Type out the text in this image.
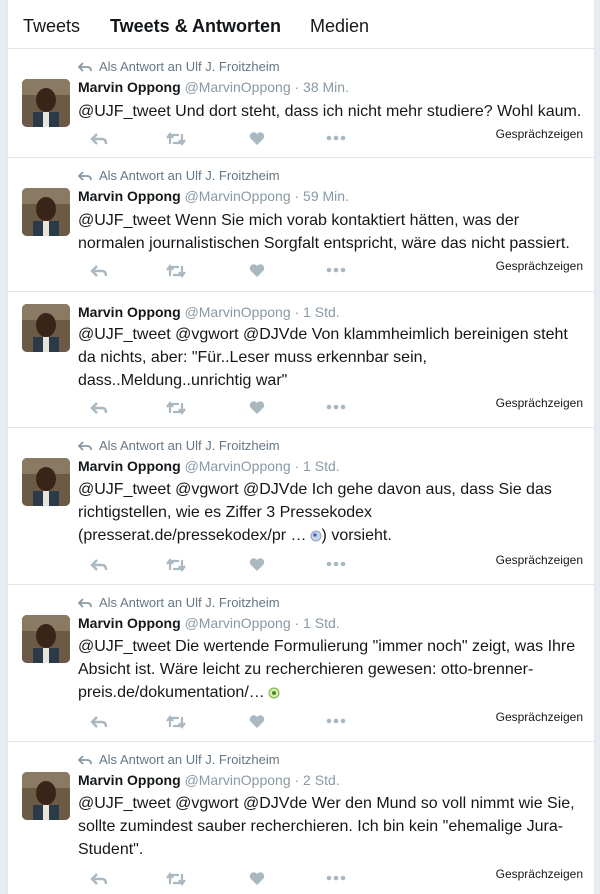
Tweets Tweets & Antworten Medien
Als Antwort an Ulf J. Froitzheim
Marvin Oppong @MarvinOppong · 38 Min.
@UJF_tweet Und dort steht, dass ich nicht mehr studiere? Wohl kaum.
Gesprächzeigen
Als Antwort an Ulf J. Froitzheim
Marvin Oppong @MarvinOppong · 59 Min.
@UJF_tweet Wenn Sie mich vorab kontaktiert hätten, was der normalen journalistischen Sorgfalt entspricht, wäre das nicht passiert.
Gesprächzeigen
Marvin Oppong @MarvinOppong · 1 Std.
@UJF_tweet @vgwort @DJVde Von klammheimlich bereinigen steht da nichts, aber: "Für..Leser muss erkennbar sein, dass..Meldung..unrichtig war"
Gesprächzeigen
Als Antwort an Ulf J. Froitzheim
Marvin Oppong @MarvinOppong · 1 Std.
@UJF_tweet @vgwort @DJVde Ich gehe davon aus, dass Sie das richtigstellen, wie es Ziffer 3 Pressekodex (presserat.de/pressekodex/pr … ) vorsieht.
Gesprächzeigen
Als Antwort an Ulf J. Froitzheim
Marvin Oppong @MarvinOppong · 1 Std.
@UJF_tweet Die wertende Formulierung "immer noch" zeigt, was Ihre Absicht ist. Wäre leicht zu recherchieren gewesen: otto-brenner-preis.de/dokumentation/…
Gesprächzeigen
Als Antwort an Ulf J. Froitzheim
Marvin Oppong @MarvinOppong · 2 Std.
@UJF_tweet @vgwort @DJVde Wer den Mund so voll nimmt wie Sie, sollte zumindest sauber recherchieren. Ich bin kein "ehemalige Jura-Student".
Gesprächzeigen
